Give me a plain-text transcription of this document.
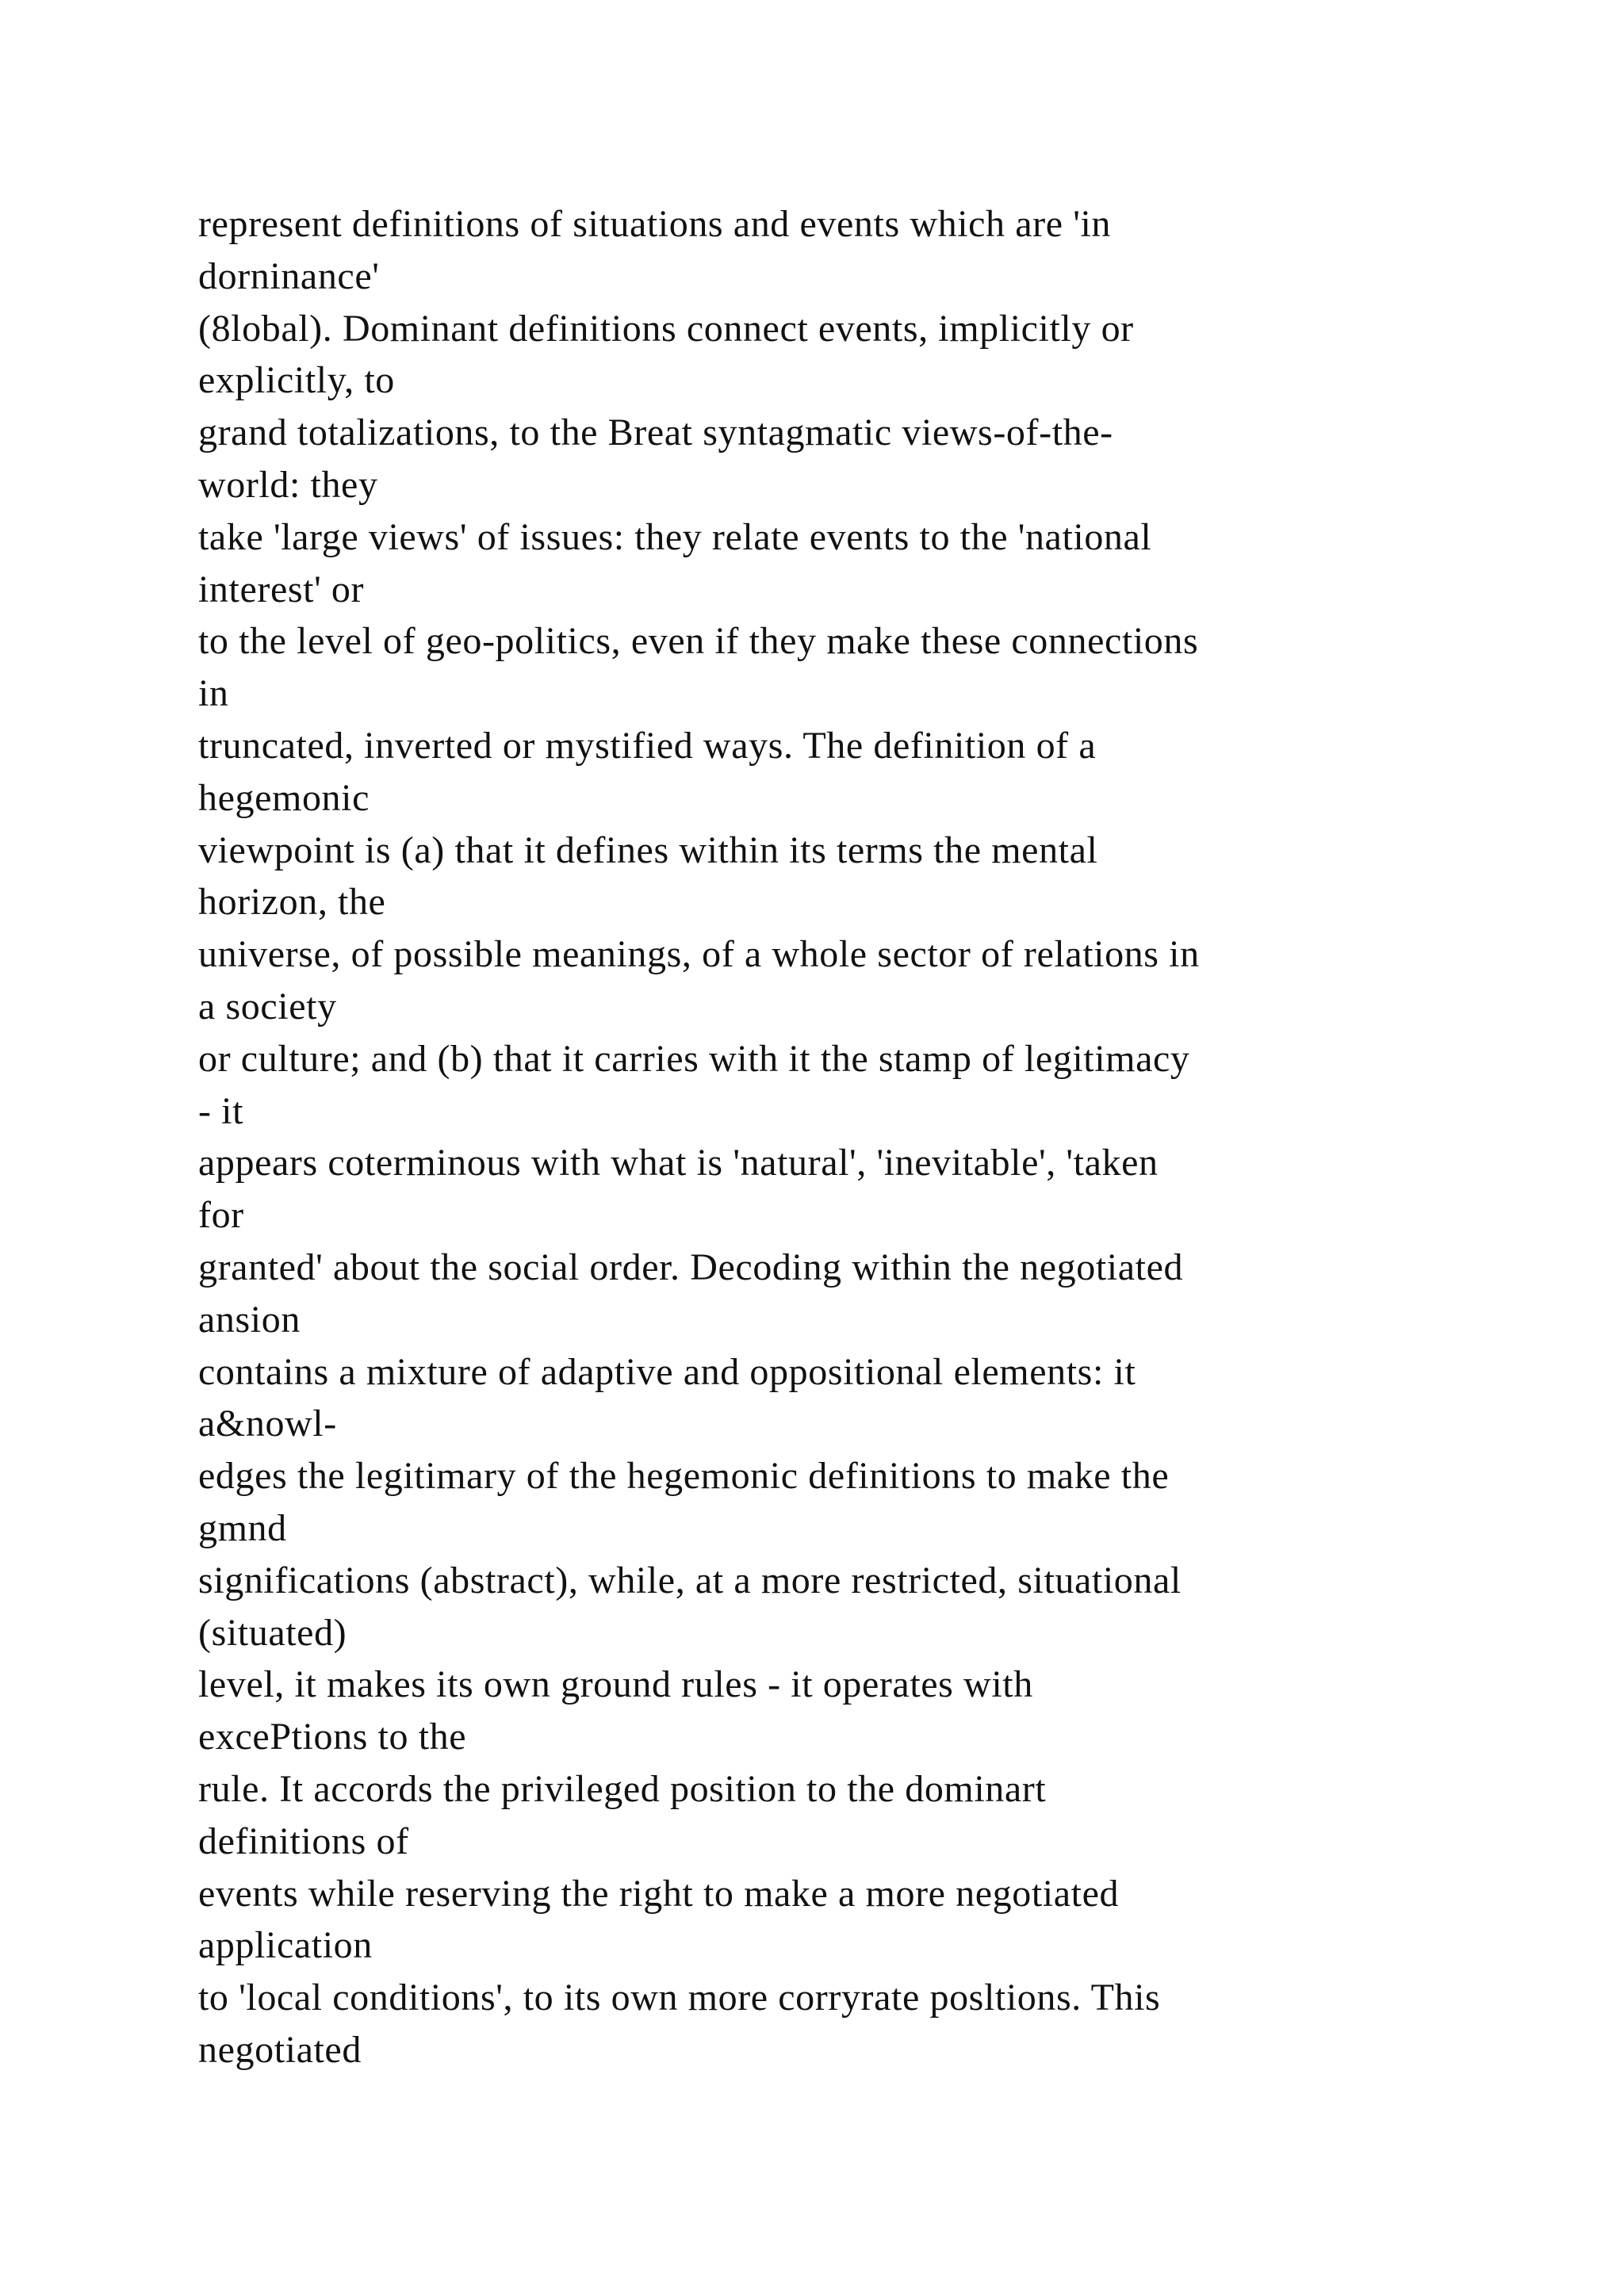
represent definitions of situations and events which are 'in
dorninance'
(8lobal). Dominant definitions connect events, implicitly or
explicitly, to
grand totalizations, to the Breat syntagmatic views-of-the-
world: they
take 'large views' of issues: they relate events to the 'national
interest' or
to the level of geo-politics, even if they make these connections
in
truncated, inverted or mystified ways. The definition of a
hegemonic
viewpoint is (a) that it defines within its terms the mental
horizon, the
universe, of possible meanings, of a whole sector of relations in
a society
or culture; and (b) that it carries with it the stamp of legitimacy
- it
appears coterminous with what is 'natural', 'inevitable', 'taken
for
granted' about the social order. Decoding within the negotiated
ansion
contains a mixture of adaptive and oppositional elements: it
a&nowl-
edges the legitimary of the hegemonic definitions to make the
gmnd
significations (abstract), while, at a more restricted, situational
(situated)
level, it makes its own ground rules - it operates with
excePtions to the
rule. It accords the privileged position to the dominart
definitions of
events while reserving the right to make a more negotiated
application
to 'local conditions', to its own more corryrate posltions. This
negotiated
